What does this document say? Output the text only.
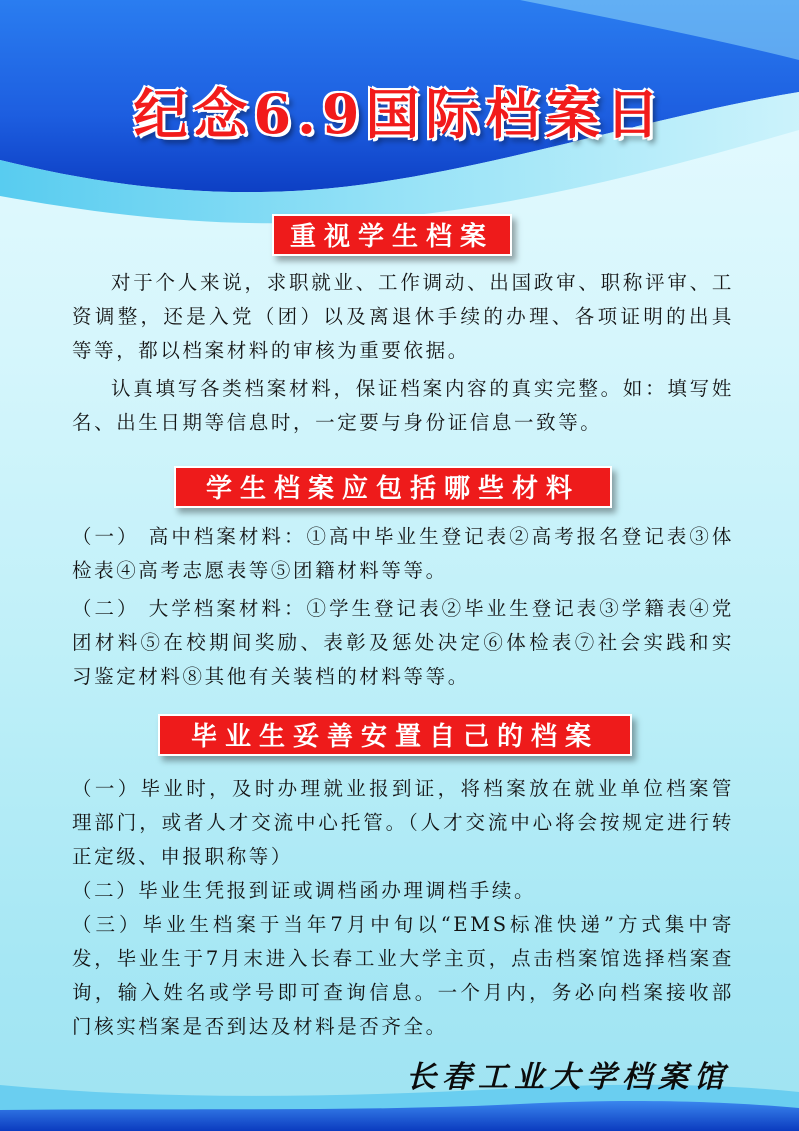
纪念6.9国际档案日
重视学生档案

对于个人来说，求职就业、工作调动、出国政审、职称评审、工资调整，还是入党（团）以及离退休手续的办理、各项证明的出具等等，都以档案材料的审核为重要依据。

认真填写各类档案材料，保证档案内容的真实完整。如：填写姓名、出生日期等信息时，一定要与身份证信息一致等。

学生档案应包括哪些材料

（一） 高中档案材料：①高中毕业生登记表②高考报名登记表③体检表④高考志愿表等⑤团籍材料等等。

（二） 大学档案材料：①学生登记表②毕业生登记表③学籍表④党团材料⑤在校期间奖励、表彰及惩处决定⑥体检表⑦社会实践和实习鉴定材料⑧其他有关装档的材料等等。

毕业生妥善安置自己的档案

（一）毕业时，及时办理就业报到证，将档案放在就业单位档案管理部门，或者人才交流中心托管。（人才交流中心将会按规定进行转正定级、申报职称等）

（二）毕业生凭报到证或调档函办理调档手续。

（三）毕业生档案于当年7月中旬以“EMS标准快递”方式集中寄发，毕业生于7月末进入长春工业大学主页，点击档案馆选择档案查询，输入姓名或学号即可查询信息。一个月内，务必向档案接收部门核实档案是否到达及材料是否齐全。

长春工业大学档案馆
